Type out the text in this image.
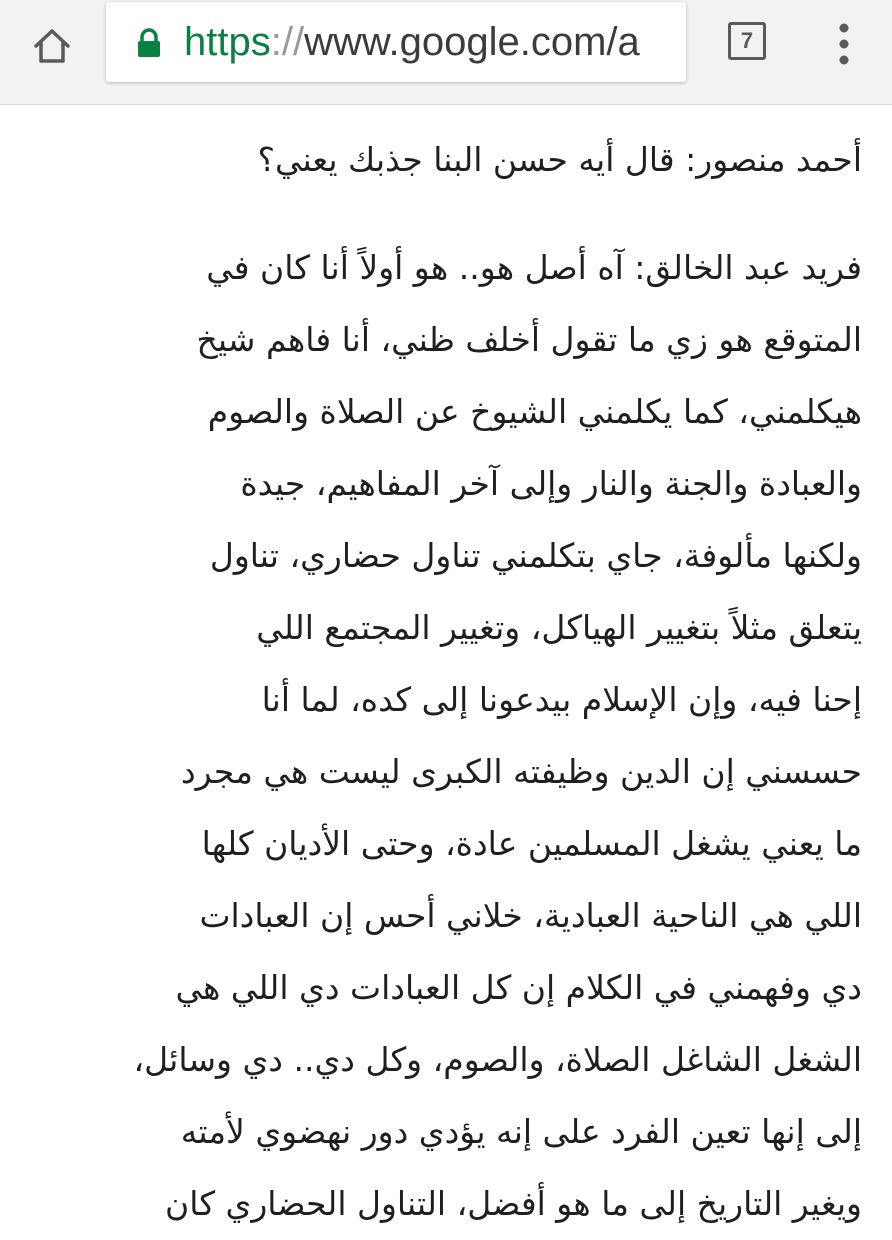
https://www.google.com/a	7

أحمد منصور: قال أيه حسن البنا جذبك يعني؟

فريد عبد الخالق: آه أصل هو.. هو أولاً أنا كان في
المتوقع هو زي ما تقول أخلف ظني، أنا فاهم شيخ
هيكلمني، كما يكلمني الشيوخ عن الصلاة والصوم
والعبادة والجنة والنار وإلى آخر المفاهيم، جيدة
ولكنها مألوفة، جاي بتكلمني تناول حضاري، تناول
يتعلق مثلاً بتغيير الهياكل، وتغيير المجتمع اللي
إحنا فيه، وإن الإسلام بيدعونا إلى كده، لما أنا
حسسني إن الدين وظيفته الكبرى ليست هي مجرد
ما يعني يشغل المسلمين عادة، وحتى الأديان كلها
اللي هي الناحية العبادية، خلاني أحس إن العبادات
دي وفهمني في الكلام إن كل العبادات دي اللي هي
الشغل الشاغل الصلاة، والصوم، وكل دي.. دي وسائل،
إلى إنها تعين الفرد على إنه يؤدي دور نهضوي لأمته
ويغير التاريخ إلى ما هو أفضل، التناول الحضاري كان
